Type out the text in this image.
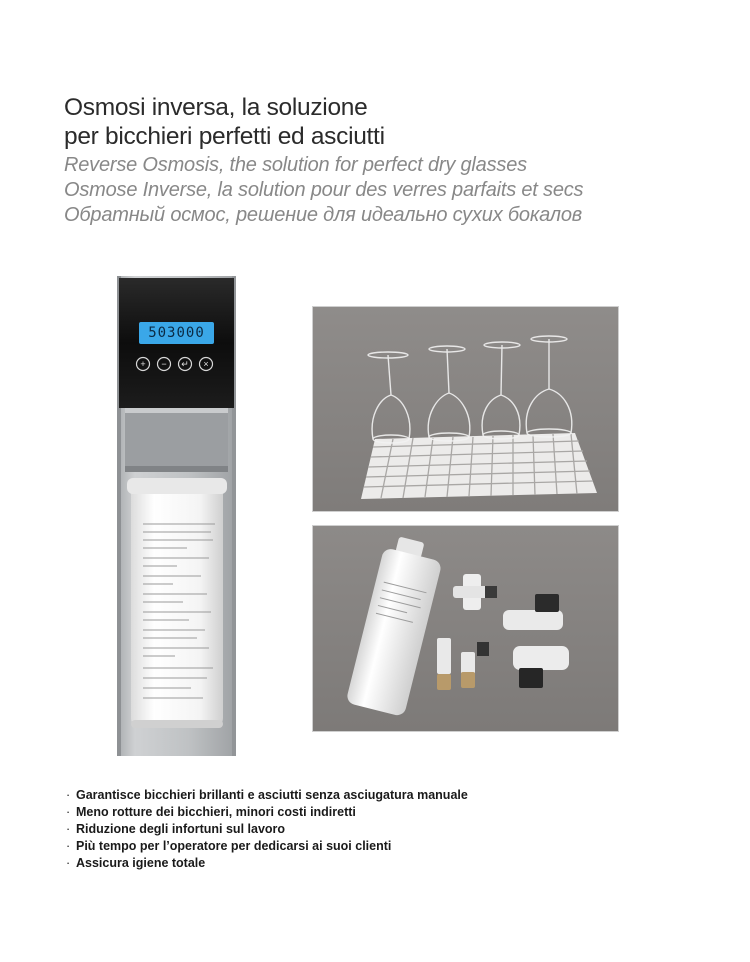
Osmosi inversa, la soluzione
per bicchieri perfetti ed asciutti
Reverse Osmosis, the solution for perfect dry glasses
Osmose Inverse, la solution pour des verres parfaits et secs
Обратный осмос, решение для идеально сухих бокалов
503000
+	−	↵	×
· Garantisce bicchieri brillanti e asciutti senza asciugatura manuale
· Meno rotture dei bicchieri, minori costi indiretti
· Riduzione degli infortuni sul lavoro
· Più tempo per l’operatore per dedicarsi ai suoi clienti
· Assicura igiene totale
